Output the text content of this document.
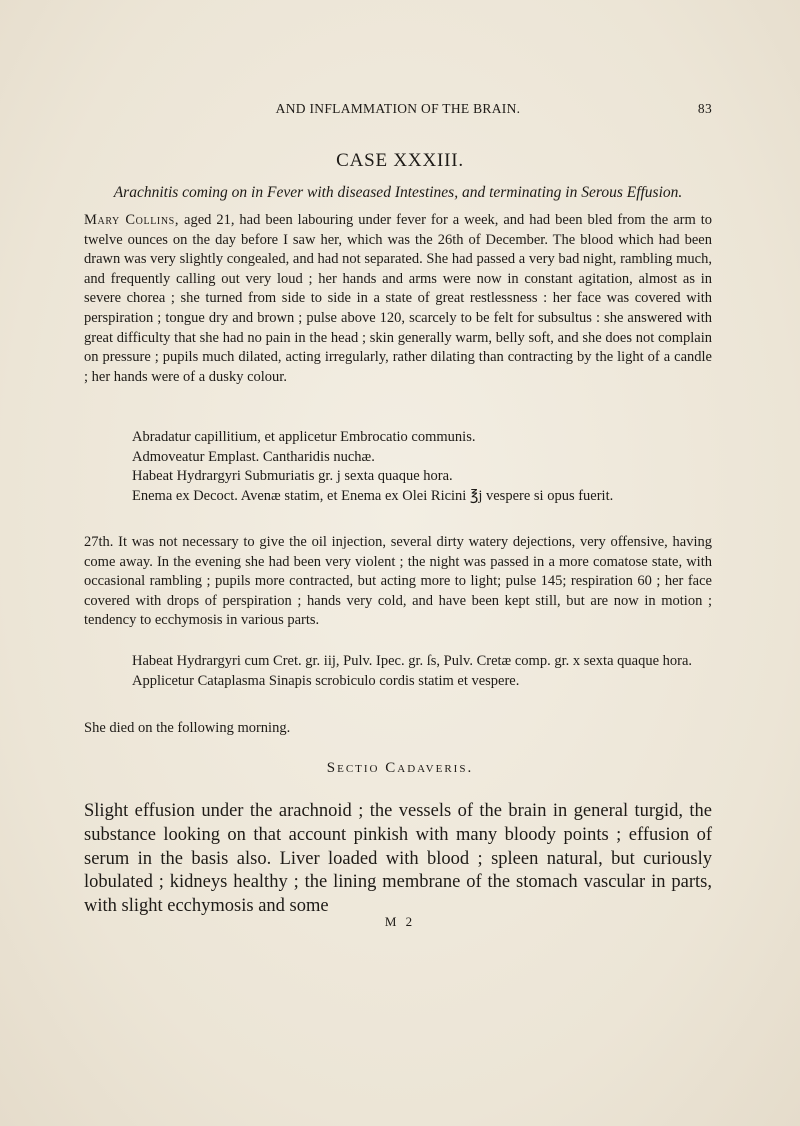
AND INFLAMMATION OF THE BRAIN.	83
CASE XXXIII.
Arachnitis coming on in Fever with diseased Intestines, and terminating in Serous Effusion.
Mary Collins, aged 21, had been labouring under fever for a week, and had been bled from the arm to twelve ounces on the day before I saw her, which was the 26th of December. The blood which had been drawn was very slightly congealed, and had not separated. She had passed a very bad night, rambling much, and frequently calling out very loud ; her hands and arms were now in constant agitation, almost as in severe chorea ; she turned from side to side in a state of great restlessness : her face was covered with perspiration ; tongue dry and brown ; pulse above 120, scarcely to be felt for subsultus : she answered with great difficulty that she had no pain in the head ; skin generally warm, belly soft, and she does not complain on pressure ; pupils much dilated, acting irregularly, rather dilating than contracting by the light of a candle ; her hands were of a dusky colour.
Abradatur capillitium, et applicetur Embrocatio communis.
Admoveatur Emplast. Cantharidis nuchæ.
Habeat Hydrargyri Submuriatis gr. j sexta quaque hora.
Enema ex Decoct. Avenæ statim, et Enema ex Olei Ricini ℥j vespere si opus fuerit.
27th. It was not necessary to give the oil injection, several dirty watery dejections, very offensive, having come away. In the evening she had been very violent ; the night was passed in a more comatose state, with occasional rambling ; pupils more contracted, but acting more to light; pulse 145; respiration 60 ; her face covered with drops of perspiration ; hands very cold, and have been kept still, but are now in motion ; tendency to ecchymosis in various parts.
Habeat Hydrargyri cum Cret. gr. iij, Pulv. Ipec. gr. ſs, Pulv. Cretæ comp. gr. x sexta quaque hora.
Applicetur Cataplasma Sinapis scrobiculo cordis statim et vespere.
She died on the following morning.
Sectio Cadaveris.
Slight effusion under the arachnoid ; the vessels of the brain in general turgid, the substance looking on that account pinkish with many bloody points ; effusion of serum in the basis also. Liver loaded with blood ; spleen natural, but curiously lobulated ; kidneys healthy ; the lining membrane of the stomach vascular in parts, with slight ecchymosis and some
M 2
